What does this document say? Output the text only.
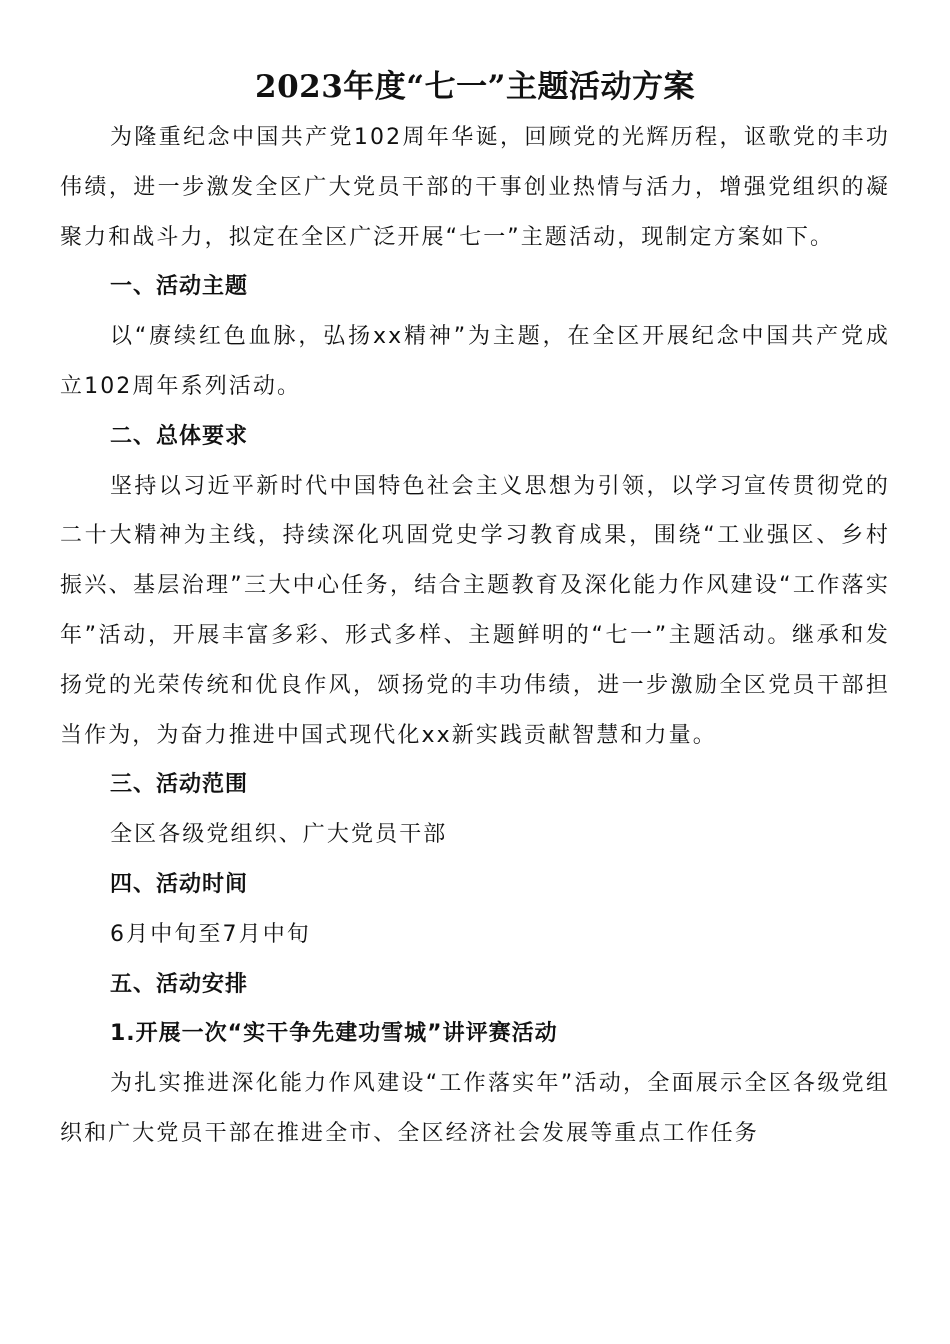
2023年度“七一”主题活动方案

为隆重纪念中国共产党102周年华诞，回顾党的光辉历程，讴歌党的丰功伟绩，进一步激发全区广大党员干部的干事创业热情与活力，增强党组织的凝聚力和战斗力，拟定在全区广泛开展“七一”主题活动，现制定方案如下。

一、活动主题

以“赓续红色血脉，弘扬xx精神”为主题，在全区开展纪念中国共产党成立102周年系列活动。

二、总体要求

坚持以习近平新时代中国特色社会主义思想为引领，以学习宣传贯彻党的二十大精神为主线，持续深化巩固党史学习教育成果，围绕“工业强区、乡村振兴、基层治理”三大中心任务，结合主题教育及深化能力作风建设“工作落实年”活动，开展丰富多彩、形式多样、主题鲜明的“七一”主题活动。继承和发扬党的光荣传统和优良作风，颂扬党的丰功伟绩，进一步激励全区党员干部担当作为，为奋力推进中国式现代化xx新实践贡献智慧和力量。

三、活动范围

全区各级党组织、广大党员干部

四、活动时间

6月中旬至7月中旬

五、活动安排

1.开展一次“实干争先建功雪城”讲评赛活动

为扎实推进深化能力作风建设“工作落实年”活动，全面展示全区各级党组织和广大党员干部在推进全市、全区经济社会发展等重点工作任务
